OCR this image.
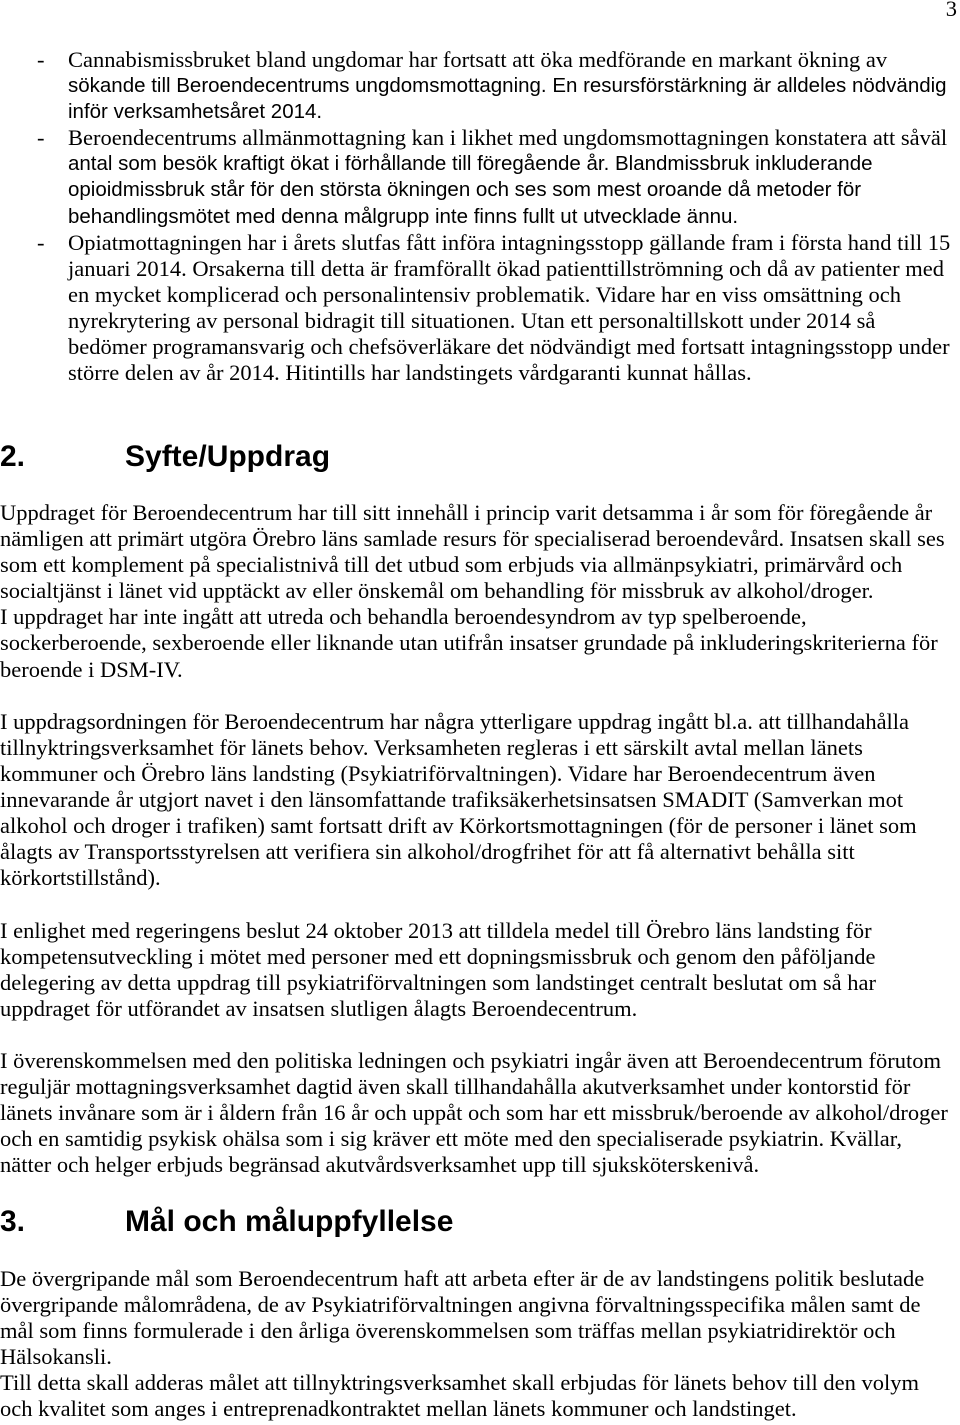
3
- Cannabismissbruket bland ungdomar har fortsatt att öka medförande en markant ökning av
sökande till Beroendecentrums ungdomsmottagning. En resursförstärkning är alldeles nödvändig
inför verksamhetsåret 2014.
- Beroendecentrums allmänmottagning kan i likhet med ungdomsmottagningen konstatera att såväl
antal som besök kraftigt ökat i förhållande till föregående år. Blandmissbruk inkluderande
opioidmissbruk står för den största ökningen och ses som mest oroande då metoder för
behandlingsmötet med denna målgrupp inte finns fullt ut utvecklade ännu.
- Opiatmottagningen har i årets slutfas fått införa intagningsstopp gällande fram i första hand till 15
januari 2014. Orsakerna till detta är framförallt ökad patienttillströmning och då av patienter med
en mycket komplicerad och personalintensiv problematik. Vidare har en viss omsättning och
nyrekrytering av personal bidragit till situationen. Utan ett personaltillskott under 2014 så
bedömer programansvarig och chefsöverläkare det nödvändigt med fortsatt intagningsstopp under
större delen av år 2014. Hitintills har landstingets vårdgaranti kunnat hållas.
2.	Syfte/Uppdrag
Uppdraget för Beroendecentrum har till sitt innehåll i princip varit detsamma i år som för föregående år
nämligen att primärt utgöra Örebro läns samlade resurs för specialiserad beroendevård. Insatsen skall ses
som ett komplement på specialistnivå till det utbud som erbjuds via allmänpsykiatri, primärvård och
socialtjänst i länet vid upptäckt av eller önskemål om behandling för missbruk av alkohol/droger.
I uppdraget har inte ingått att utreda och behandla beroendesyndrom av typ spelberoende,
sockerberoende, sexberoende eller liknande utan utifrån insatser grundade på inkluderingskriterierna för
beroende i DSM-IV.
I uppdragsordningen för Beroendecentrum har några ytterligare uppdrag ingått bl.a. att tillhandahålla
tillnyktringsverksamhet för länets behov. Verksamheten regleras i ett särskilt avtal mellan länets
kommuner och Örebro läns landsting (Psykiatriförvaltningen). Vidare har Beroendecentrum även
innevarande år utgjort navet i den länsomfattande trafiksäkerhetsinsatsen SMADIT (Samverkan mot
alkohol och droger i trafiken) samt fortsatt drift av Körkortsmottagningen (för de personer i länet som
ålagts av Transportsstyrelsen att verifiera sin alkohol/drogfrihet för att få alternativt behålla sitt
körkortstillstånd).
I enlighet med regeringens beslut 24 oktober 2013 att tilldela medel till Örebro läns landsting för
kompetensutveckling i mötet med personer med ett dopningsmissbruk och genom den påföljande
delegering av detta uppdrag till psykiatriförvaltningen som landstinget centralt beslutat om så har
uppdraget för utförandet av insatsen slutligen ålagts Beroendecentrum.
I överenskommelsen med den politiska ledningen och psykiatri ingår även att Beroendecentrum förutom
reguljär mottagningsverksamhet dagtid även skall tillhandahålla akutverksamhet under kontorstid för
länets invånare som är i åldern från 16 år och uppåt och som har ett missbruk/beroende av alkohol/droger
och en samtidig psykisk ohälsa som i sig kräver ett möte med den specialiserade psykiatrin. Kvällar,
nätter och helger erbjuds begränsad akutvårdsverksamhet upp till sjuksköterskenivå.
3.	Mål och måluppfyllelse
De övergripande mål som Beroendecentrum haft att arbeta efter är de av landstingens politik beslutade
övergripande målområdena, de av Psykiatriförvaltningen angivna förvaltningsspecifika målen samt de
mål som finns formulerade i den årliga överenskommelsen som träffas mellan psykiatridirektör och
Hälsokansli.
Till detta skall adderas målet att tillnyktringsverksamhet skall erbjudas för länets behov till den volym
och kvalitet som anges i entreprenadkontraktet mellan länets kommuner och landstinget.
